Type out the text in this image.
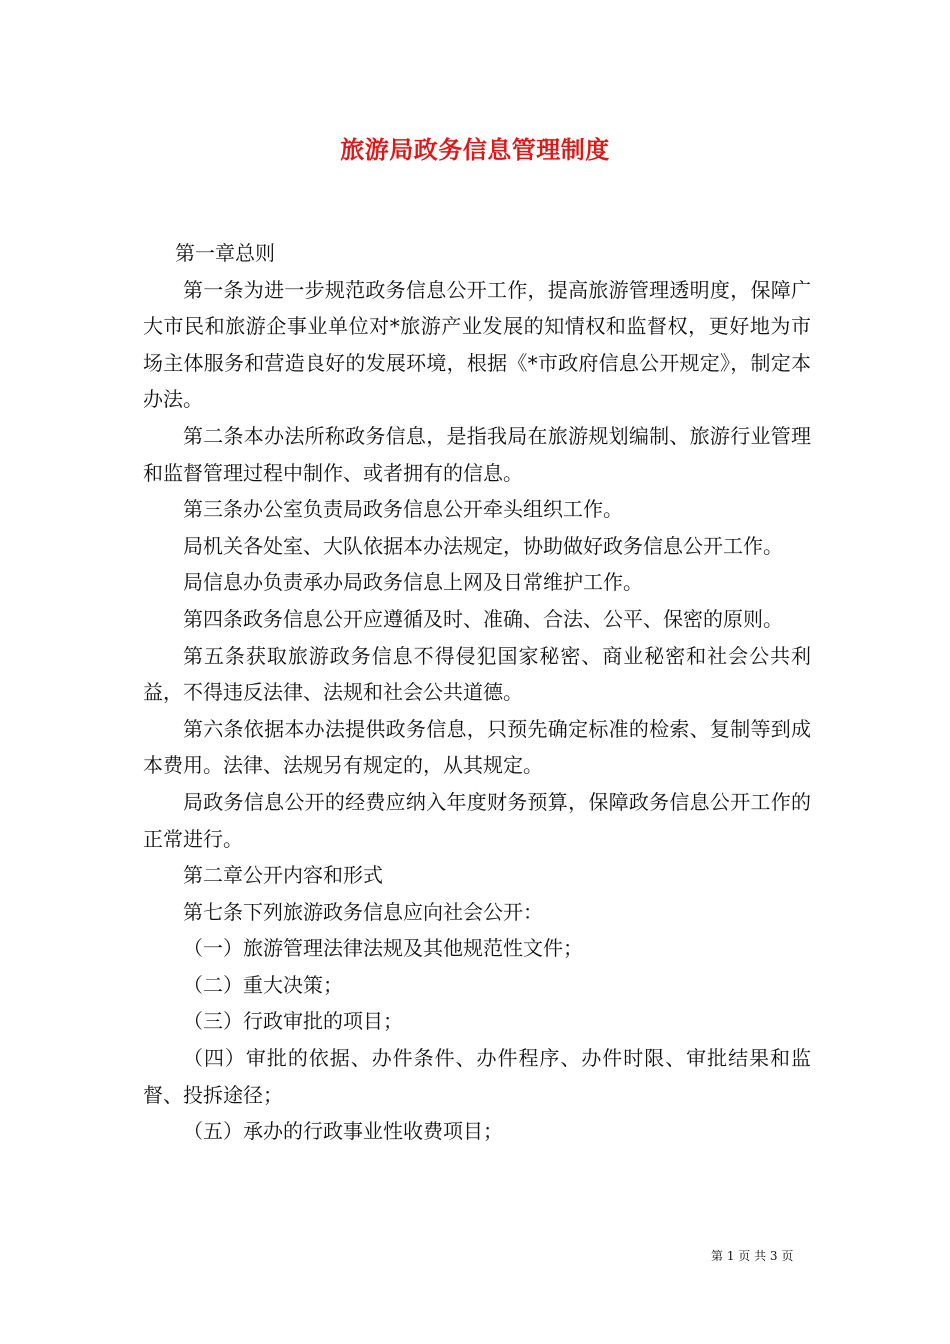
旅游局政务信息管理制度

第一章总则

第一条为进一步规范政务信息公开工作，提高旅游管理透明度，保障广大市民和旅游企事业单位对*旅游产业发展的知情权和监督权，更好地为市场主体服务和营造良好的发展环境，根据《*市政府信息公开规定》，制定本办法。

第二条本办法所称政务信息，是指我局在旅游规划编制、旅游行业管理和监督管理过程中制作、或者拥有的信息。

第三条办公室负责局政务信息公开牵头组织工作。

局机关各处室、大队依据本办法规定，协助做好政务信息公开工作。

局信息办负责承办局政务信息上网及日常维护工作。

第四条政务信息公开应遵循及时、准确、合法、公平、保密的原则。

第五条获取旅游政务信息不得侵犯国家秘密、商业秘密和社会公共利益，不得违反法律、法规和社会公共道德。

第六条依据本办法提供政务信息，只预先确定标准的检索、复制等到成本费用。法律、法规另有规定的，从其规定。

局政务信息公开的经费应纳入年度财务预算，保障政务信息公开工作的正常进行。

第二章公开内容和形式

第七条下列旅游政务信息应向社会公开：

（一）旅游管理法律法规及其他规范性文件；

（二）重大决策；

（三）行政审批的项目；

（四）审批的依据、办件条件、办件程序、办件时限、审批结果和监督、投拆途径；

（五）承办的行政事业性收费项目；

第 1 页 共 3 页
